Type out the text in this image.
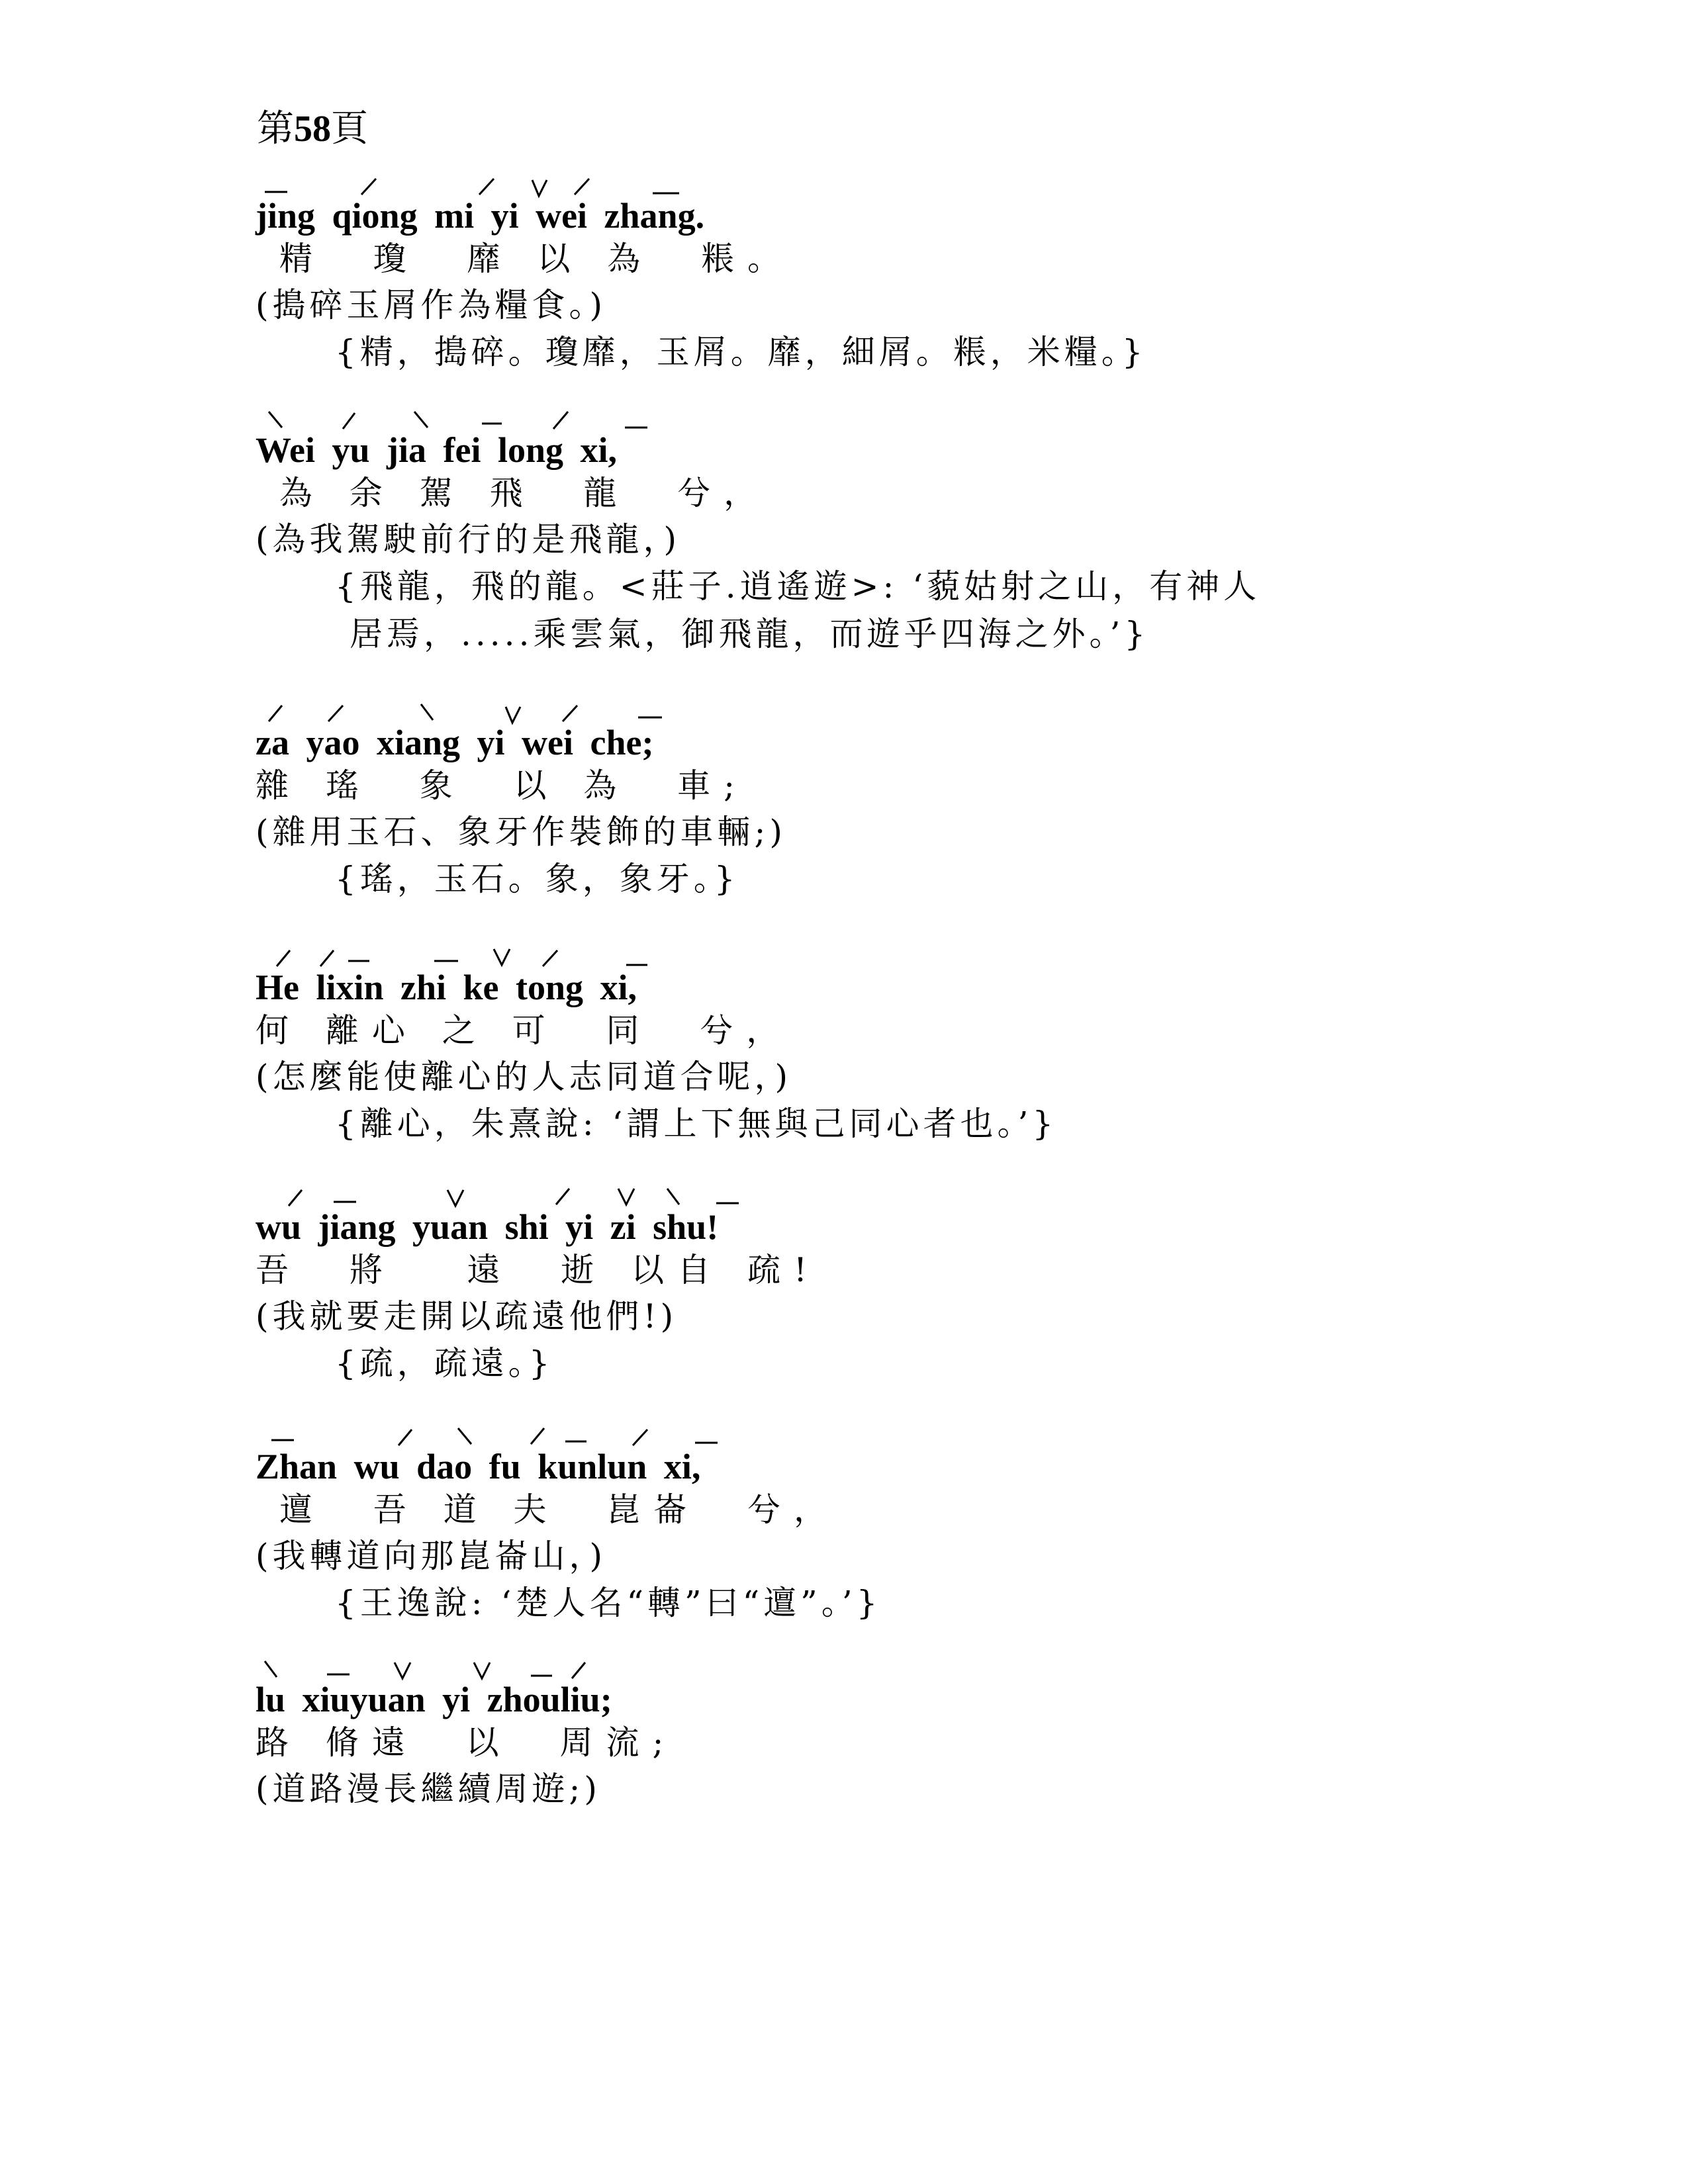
第58頁
jing qiong mi yi wei zhang.
精  瓊  靡 以 為  粻。
(搗碎玉屑作為糧食。)
{精，搗碎。瓊靡，玉屑。靡，細屑。粻，米糧。}
Wei yu jia fei long xi,
為 余 駕 飛  龍  兮，
(為我駕駛前行的是飛龍，)
{飛龍，飛的龍。<莊子.逍遙遊>: ‘藐姑射之山，有神人
居焉，.....乘雲氣，御飛龍，而遊乎四海之外。’}
za yao xiang yi wei che;
雜 瑤  象  以 為  車;
(雜用玉石、象牙作裝飾的車輛;)
{瑤，玉石。象，象牙。}
He lixin zhi ke tong xi,
何 離心 之 可  同  兮，
(怎麼能使離心的人志同道合呢，)
{離心，朱熹說: ‘謂上下無與己同心者也。’}
wu jiang yuan shi yi zi shu!
吾  將   遠  逝 以自 疏!
(我就要走開以疏遠他們!)
{疏，疏遠。}
Zhan wu dao fu kunlun xi,
邅  吾 道 夫  崑崙  兮，
(我轉道向那崑崙山，)
{王逸說: ‘楚人名“轉”曰“邅”。’}
lu xiuyuan yi zhouliu;
路 脩遠  以  周流;
(道路漫長繼續周遊;)
